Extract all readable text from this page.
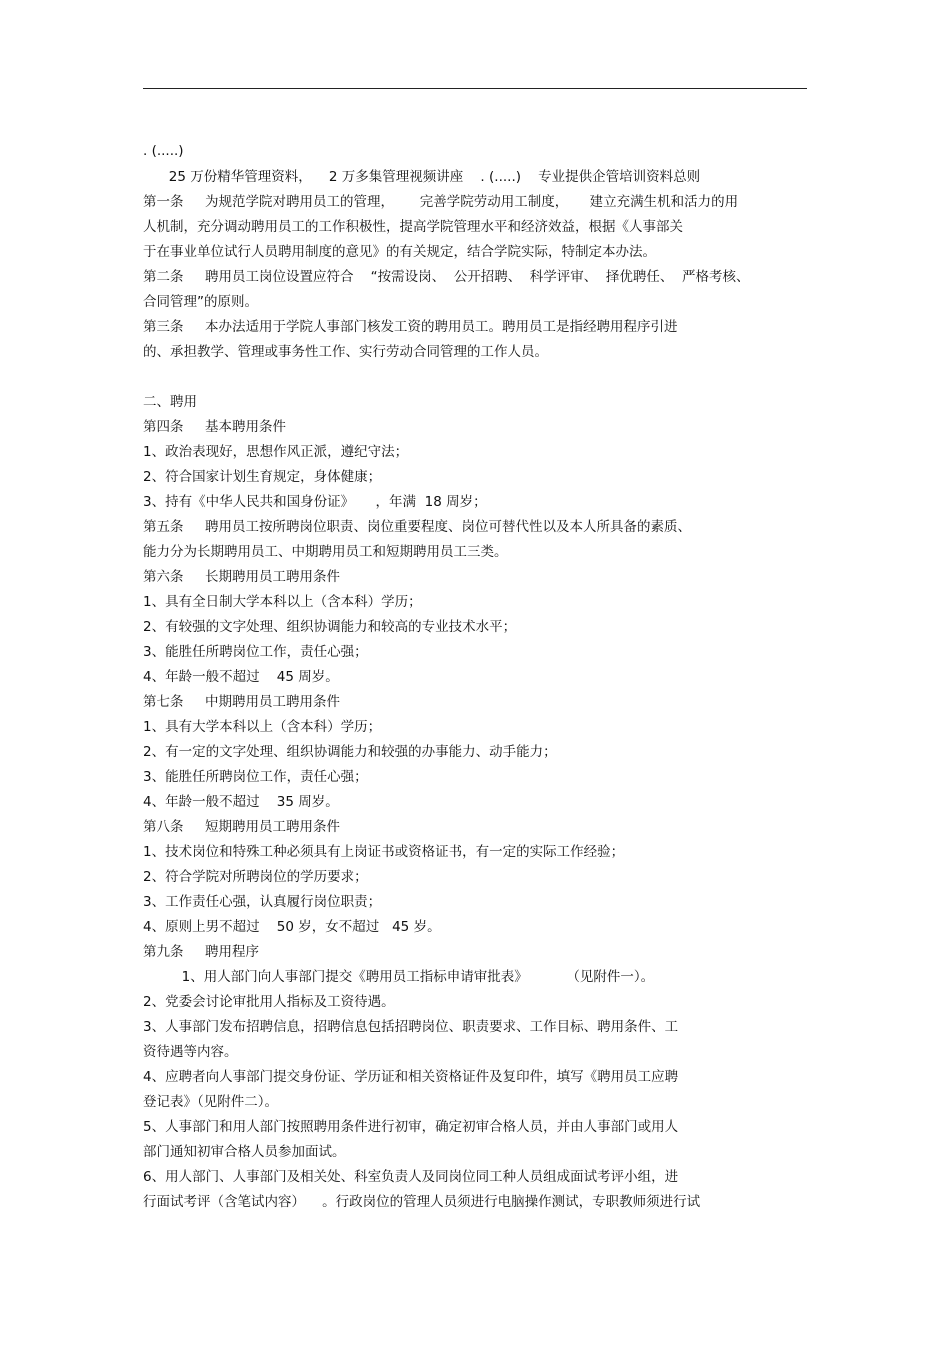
. (.....)
25 万份精华管理资料，    2 万多集管理视频讲座    . (.....)    专业提供企管培训资料总则
第一条     为规范学院对聘用员工的管理，      完善学院劳动用工制度，     建立充满生机和活力的用
人机制，充分调动聘用员工的工作积极性，提高学院管理水平和经济效益，根据《人事部关
于在事业单位试行人员聘用制度的意见》的有关规定，结合学院实际，特制定本办法。
第二条     聘用员工岗位设置应符合    “按需设岗、  公开招聘、  科学评审、  择优聘任、  严格考核、
合同管理”的原则。
第三条     本办法适用于学院人事部门核发工资的聘用员工。聘用员工是指经聘用程序引进
的、承担教学、管理或事务性工作、实行劳动合同管理的工作人员。
二、聘用
第四条     基本聘用条件
1、政治表现好，思想作风正派，遵纪守法；
2、符合国家计划生育规定，身体健康；
3、持有《中华人民共和国身份证》     ，年满  18 周岁；
第五条     聘用员工按所聘岗位职责、岗位重要程度、岗位可替代性以及本人所具备的素质、
能力分为长期聘用员工、中期聘用员工和短期聘用员工三类。
第六条     长期聘用员工聘用条件
1、具有全日制大学本科以上（含本科）学历；
2、有较强的文字处理、组织协调能力和较高的专业技术水平；
3、能胜任所聘岗位工作，责任心强；
4、年龄一般不超过    45 周岁。
第七条     中期聘用员工聘用条件
1、具有大学本科以上（含本科）学历；
2、有一定的文字处理、组织协调能力和较强的办事能力、动手能力；
3、能胜任所聘岗位工作，责任心强；
4、年龄一般不超过    35 周岁。
第八条     短期聘用员工聘用条件
1、技术岗位和特殊工种必须具有上岗证书或资格证书，有一定的实际工作经验；
2、符合学院对所聘岗位的学历要求；
3、工作责任心强，认真履行岗位职责；
4、原则上男不超过    50 岁，女不超过   45 岁。
第九条     聘用程序
1、用人部门向人事部门提交《聘用员工指标申请审批表》         （见附件一）。
2、党委会讨论审批用人指标及工资待遇。
3、人事部门发布招聘信息，招聘信息包括招聘岗位、职责要求、工作目标、聘用条件、工
资待遇等内容。
4、应聘者向人事部门提交身份证、学历证和相关资格证件及复印件，填写《聘用员工应聘
登记表》（见附件二）。
5、人事部门和用人部门按照聘用条件进行初审，确定初审合格人员，并由人事部门或用人
部门通知初审合格人员参加面试。
6、用人部门、人事部门及相关处、科室负责人及同岗位同工种人员组成面试考评小组，进
行面试考评（含笔试内容）    。行政岗位的管理人员须进行电脑操作测试，专职教师须进行试
